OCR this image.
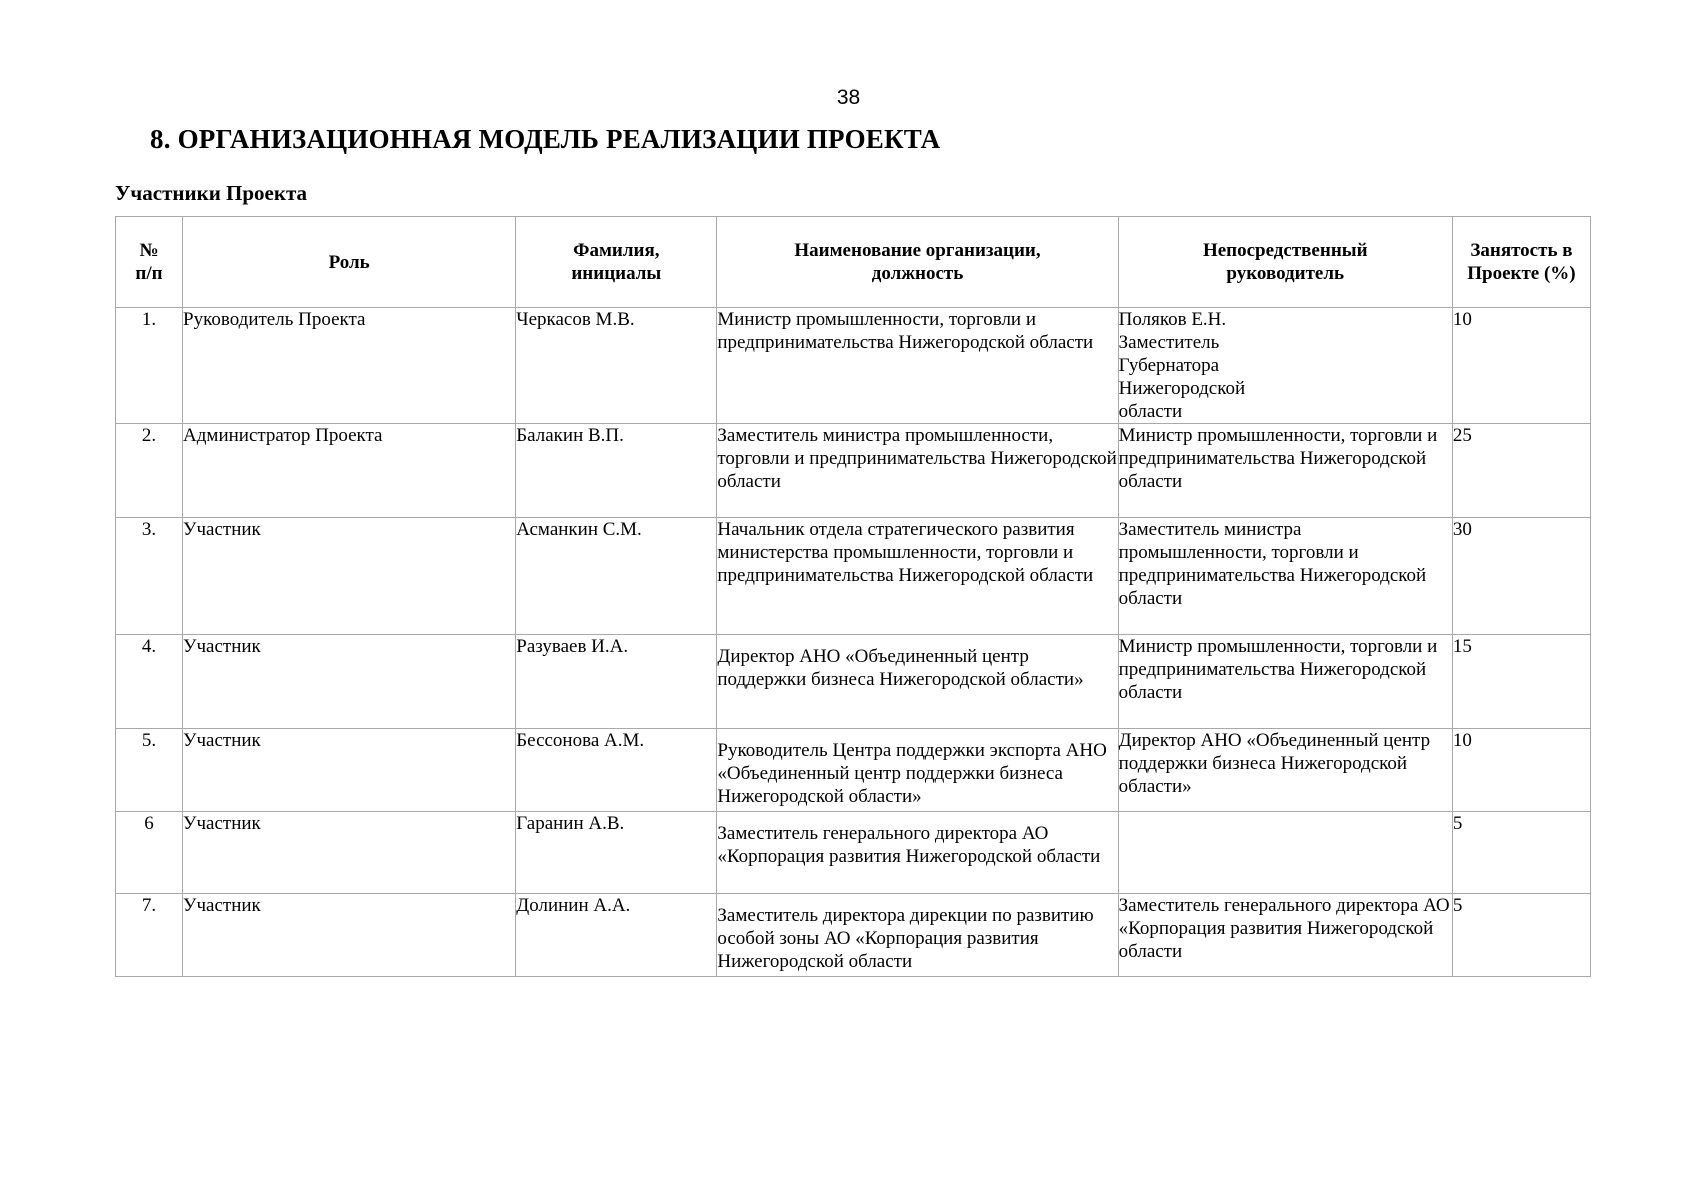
38
8. ОРГАНИЗАЦИОННАЯ МОДЕЛЬ РЕАЛИЗАЦИИ ПРОЕКТА
Участники Проекта
№ п/п	Роль	Фамилия, инициалы	Наименование организации, должность	Непосредственный руководитель	Занятость в Проекте (%)
1.	Руководитель Проекта	Черкасов М.В.	Министр промышленности, торговли и предпринимательства Нижегородской области	Поляков Е.Н. Заместитель Губернатора Нижегородской области	10
2.	Администратор Проекта	Балакин В.П.	Заместитель министра промышленности, торговли и предпринимательства Нижегородской области	Министр промышленности, торговли и предпринимательства Нижегородской области	25
3.	Участник	Асманкин С.М.	Начальник отдела стратегического развития министерства промышленности, торговли и предпринимательства Нижегородской области	Заместитель министра промышленности, торговли и предпринимательства Нижегородской области	30
4.	Участник	Разуваев И.А.	Директор АНО «Объединенный центр поддержки бизнеса Нижегородской области»	Министр промышленности, торговли и предпринимательства Нижегородской области	15
5.	Участник	Бессонова А.М.	Руководитель Центра поддержки экспорта АНО «Объединенный центр поддержки бизнеса Нижегородской области»	Директор АНО «Объединенный центр поддержки бизнеса Нижегородской области»	10
6	Участник	Гаранин А.В.	Заместитель генерального директора АО «Корпорация развития Нижегородской области		5
7.	Участник	Долинин А.А.	Заместитель директора дирекции по развитию особой зоны АО «Корпорация развития Нижегородской области	Заместитель генерального директора АО «Корпорация развития Нижегородской области	5
